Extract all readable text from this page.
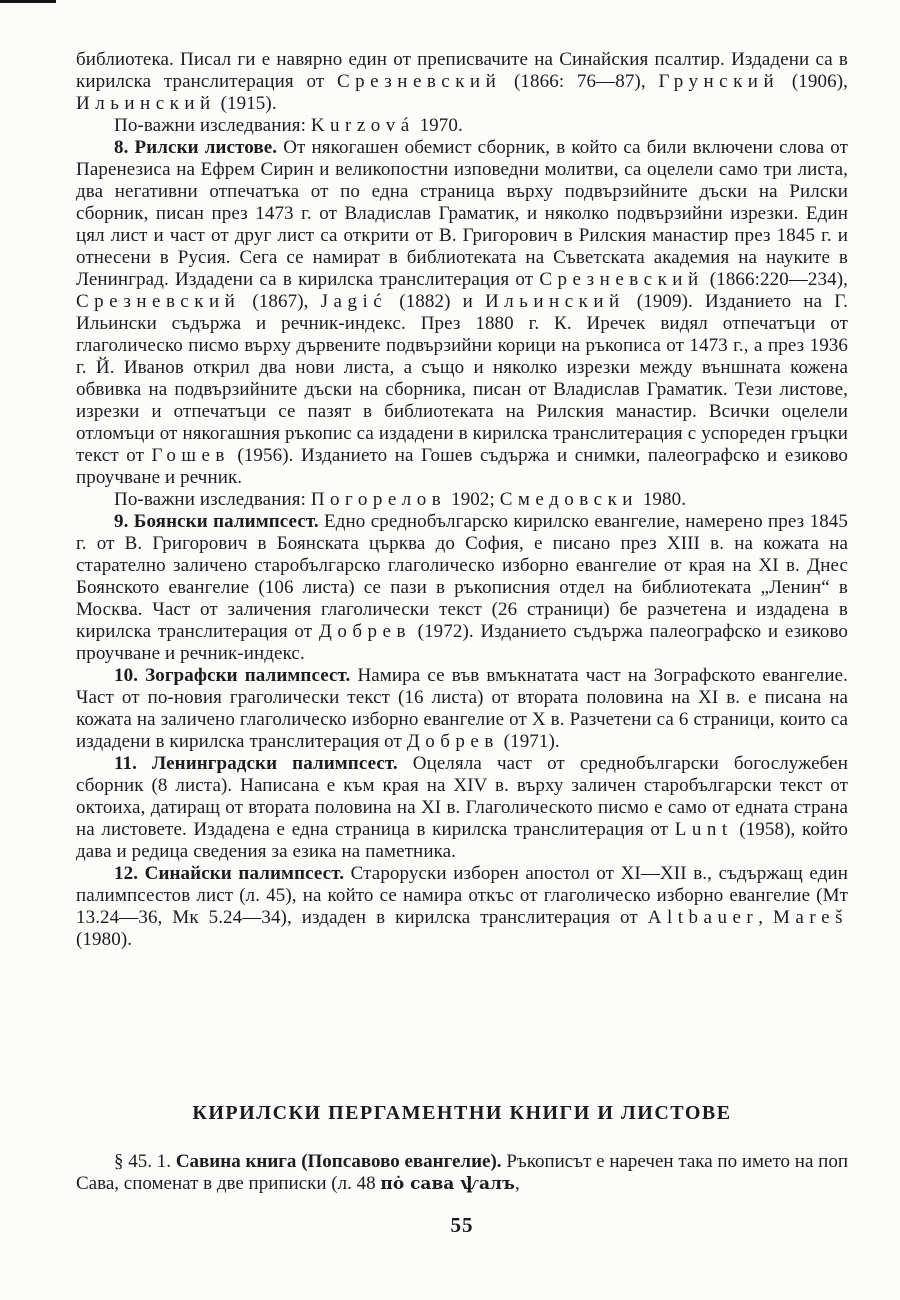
библиотека. Писал ги е навярно един от преписвачите на Синайския псалтир. Издадени са в кирилска транслитерация от Срезневский (1866: 76—87), Грунский (1906), Ильинский (1915).

По-важни изследвания: Kurzová 1970.

8. Рилски листове. От някогашен обемист сборник, в който са били включени слова от Паренезиса на Ефрем Сирин и великопостни изповедни молитви, са оцелели само три листа, два негативни отпечатъка от по една страница върху подвързийните дъски на Рилски сборник, писан през 1473 г. от Владислав Граматик, и няколко подвързийни изрезки. Един цял лист и част от друг лист са открити от В. Григорович в Рилския манастир през 1845 г. и отнесени в Русия. Сега се намират в библиотеката на Съветската академия на науките в Ленинград. Издадени са в кирилска транслитерация от Срезневский (1866:220—234), Срезневский (1867), Jagić (1882) и Ильинский (1909). Изданието на Г. Ильински съдържа и речник-индекс. През 1880 г. К. Иречек видял отпечатъци от глаголическо писмо върху дървените подвързийни корици на ръкописа от 1473 г., а през 1936 г. Й. Иванов открил два нови листа, а също и няколко изрезки между външната кожена обвивка на подвързийните дъски на сборника, писан от Владислав Граматик. Тези листове, изрезки и отпечатъци се пазят в библиотеката на Рилския манастир. Всички оцелели отломъци от някогашния ръкопис са издадени в кирилска транслитерация с успореден гръцки текст от Гошев (1956). Изданието на Гошев съдържа и снимки, палеографско и езиково проучване и речник.

По-важни изследвания: Погорелов 1902; Смедовски 1980.

9. Боянски палимпсест. Едно среднобългарско кирилско евангелие, намерено през 1845 г. от В. Григорович в Боянската църква до София, е писано през XIII в. на кожата на старателно заличено старобългарско глаголическо изборно евангелие от края на XI в. Днес Боянското евангелие (106 листа) се пази в ръкописния отдел на библиотеката „Ленин“ в Москва. Част от заличения глаголически текст (26 страници) бе разчетена и издадена в кирилска транслитерация от Добрев (1972). Изданието съдържа палеографско и езиково проучване и речник-индекс.

10. Зографски палимпсест. Намира се във вмъкнатата част на Зографското евангелие. Част от по-новия граголически текст (16 листа) от втората половина на XI в. е писана на кожата на заличено глаголическо изборно евангелие от X в. Разчетени са 6 страници, които са издадени в кирилска транслитерация от Добрев (1971).

11. Ленинградски палимпсест. Оцеляла част от среднобългарски богослужебен сборник (8 листа). Написана е към края на XIV в. върху заличен старобългарски текст от октоиха, датиращ от втората половина на XI в. Глаголическото писмо е само от едната страна на листовете. Издадена е една страница в кирилска транслитерация от Lunt (1958), който дава и редица сведения за езика на паметника.

12. Синайски палимпсест. Староруски изборен апостол от XI—XII в., съдържащ един палимпсестов лист (л. 45), на който се намира откъс от глаголическо изборно евангелие (Мт 13.24—36, Мк 5.24—34), издаден в кирилска транслитерация от Altbauer, Mareš (1980).

КИРИЛСКИ ПЕРГАМЕНТНИ КНИГИ И ЛИСТОВЕ

§ 45. 1. Савина книга (Попсавово евангелие). Ръкописът е наречен така по името на поп Сава, споменат в две приписки (л. 48 по̇ сава ѱалъ,

55
